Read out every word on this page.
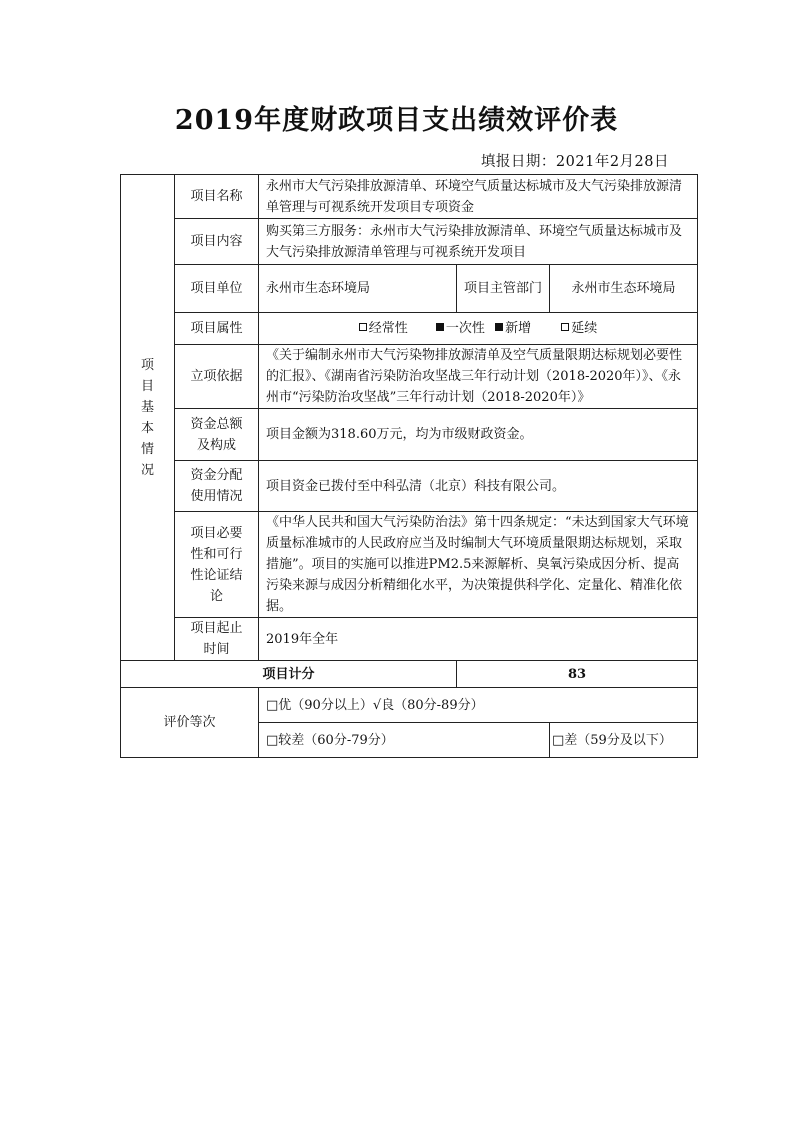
2019年度财政项目支出绩效评价表
填报日期：2021年2月28日
项目基本情况	项目名称	永州市大气污染排放源清单、环境空气质量达标城市及大气污染排放源清单管理与可视系统开发项目专项资金		
	项目内容	购买第三方服务：永州市大气污染排放源清单、环境空气质量达标城市及大气污染排放源清单管理与可视系统开发项目		
	项目单位	永州市生态环境局	项目主管部门	永州市生态环境局
	项目属性	经常性 一次性 新增 延续		
	立项依据	《关于编制永州市大气污染物排放源清单及空气质量限期达标规划必要性的汇报》、《湖南省污染防治攻坚战三年行动计划（2018-2020年）》、《永州市“污染防治攻坚战”三年行动计划（2018-2020年）》		
	资金总额及构成	项目金额为318.60万元，均为市级财政资金。		
	资金分配使用情况	项目资金已拨付至中科弘清（北京）科技有限公司。		
	项目必要性和可行性论证结论	《中华人民共和国大气污染防治法》第十四条规定：“未达到国家大气环境质量标准城市的人民政府应当及时编制大气环境质量限期达标规划，采取措施”。项目的实施可以推进PM2.5来源解析、臭氧污染成因分析、提高污染来源与成因分析精细化水平，为决策提供科学化、定量化、精准化依据。		
	项目起止时间	2019年全年		
项目计分			83	
评价等次		□优（90分以上）√良（80分-89分）		
		□较差（60分-79分）		□差（59分及以下）
